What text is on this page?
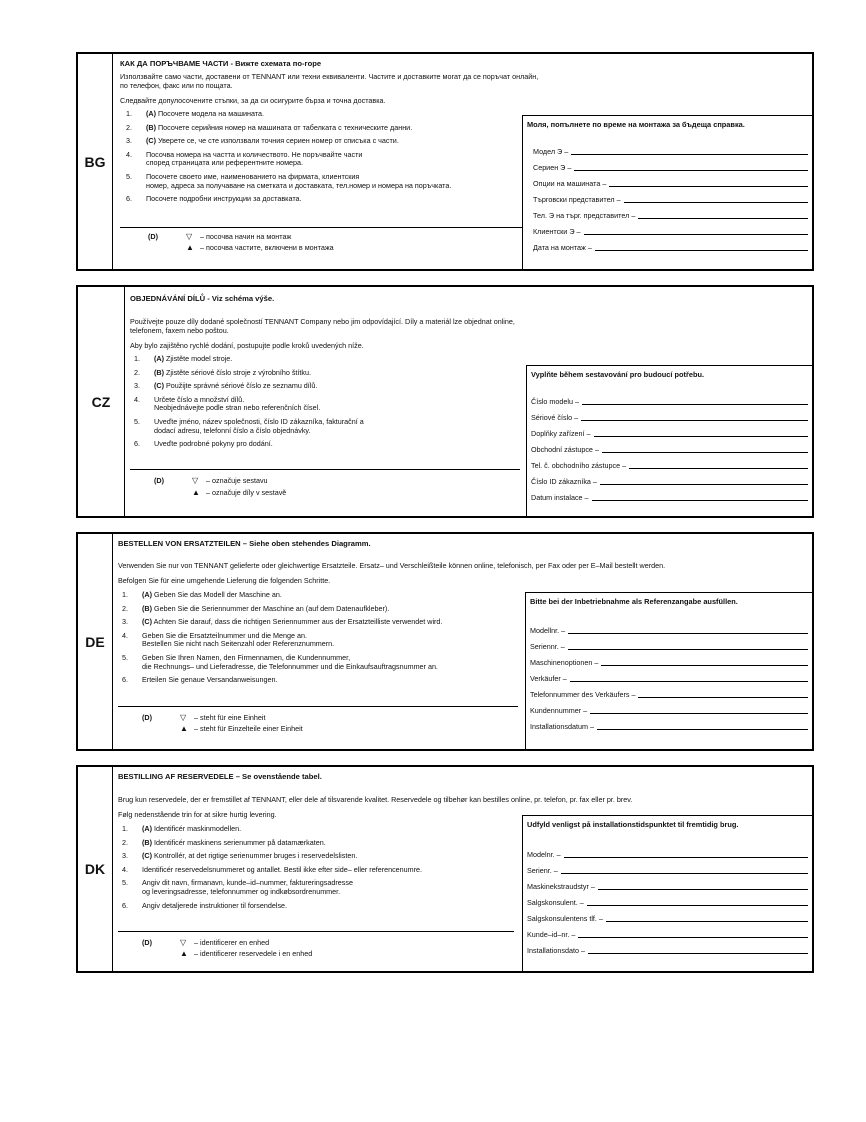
BG
КАК ДА ПОРЪЧВАМЕ ЧАСТИ - Вижте схемата по-горе
Използвайте само части, доставени от TENNANT или техни еквиваленти. Частите и доставките могат да се поръчат онлайн,
по телефон, факс или по пощата.
Следвайте допулосочените стъпки, за да си осигурите бърза и точна доставка.
1. (A) Посочете модела на машината.
2. (B) Посочете серийния номер на машината от табелката с техническите данни.
3. (C) Уверете се, че сте използвали точния сериен номер от списъка с части.
4. Посочва номера на частта и количеството. Не поръчвайте части
според страницата или референтните номера.
5. Посочете своето име, наименованието на фирмата, клиентския
номер, адреса за получаване на сметката и доставката, тел.номер и номера на поръчката.
6. Посочете подробни инструкции за доставката.
(D)	▽ – посочва начин на монтаж
▲ – посочва частите, включени в монтажа
Моля, попълнете по време на монтажа за бъдеща справка.
Модел Э –
Сериен Э –
Опции на машината –
Търговски представител –
Тел. Э на търг. представител –
Клиентски Э –
Дата на монтаж –
CZ
OBJEDNÁVÁNÍ DÍLŮ - Viz schéma výše.
Používejte pouze díly dodané společností TENNANT Company nebo jim odpovídající. Díly a materiál lze objednat online,
telefonem, faxem nebo poštou.
Aby bylo zajištěno rychlé dodání, postupujte podle kroků uvedených níže.
1. (A) Zjistěte model stroje.
2. (B) Zjistěte sériové číslo stroje z výrobního štítku.
3. (C) Použijte správné sériové číslo ze seznamu dílů.
4. Určete číslo a množství dílů.
Neobjednávejte podle stran nebo referenčních čísel.
5. Uveďte jméno, název společnosti, číslo ID zákazníka, fakturační a
dodací adresu, telefonní číslo a číslo objednávky.
6. Uveďte podrobné pokyny pro dodání.
(D)	▽ – označuje sestavu
▲ – označuje díly v sestavě
Vyplňte během sestavování pro budoucí potřebu.
Číslo modelu –
Sériové číslo –
Doplňky zařízení –
Obchodní zástupce –
Tel. č. obchodního zástupce –
Číslo ID zákazníka –
Datum instalace –
DE
BESTELLEN VON ERSATZTEILEN – Siehe oben stehendes Diagramm.
Verwenden Sie nur von TENNANT gelieferte oder gleichwertige Ersatzteile. Ersatz– und Verschleißteile können online, telefonisch, per Fax oder per E–Mail bestellt werden.
Befolgen Sie für eine umgehende Lieferung die folgenden Schritte.
1. (A) Geben Sie das Modell der Maschine an.
2. (B) Geben Sie die Seriennummer der Maschine an (auf dem Datenaufkleber).
3. (C) Achten Sie darauf, dass die richtigen Seriennummer aus der Ersatzteilliste verwendet wird.
4. Geben Sie die Ersatzteilnummer und die Menge an.
Bestellen Sie nicht nach Seitenzahl oder Referenznummern.
5. Geben Sie Ihren Namen, den Firmennamen, die Kundennummer,
die Rechnungs– und Lieferadresse, die Telefonnummer und die Einkaufsauftragsnummer an.
6. Erteilen Sie genaue Versandanweisungen.
(D)	▽ – steht für eine Einheit
▲ – steht für Einzelteile einer Einheit
Bitte bei der Inbetriebnahme als Referenzangabe ausfüllen.
Modellnr. –
Seriennr. –
Maschinenoptionen –
Verkäufer –
Telefonnummer des Verkäufers –
Kundennummer –
Installationsdatum –
DK
BESTILLING AF RESERVEDELE – Se ovenstående tabel.
Brug kun reservedele, der er fremstillet af TENNANT, eller dele af tilsvarende kvalitet. Reservedele og tilbehør kan bestilles online, pr. telefon, pr. fax eller pr. brev.
Følg nedenstående trin for at sikre hurtig levering.
1. (A) Identificér maskinmodellen.
2. (B) Identificér maskinens serienummer på datamærkaten.
3. (C) Kontrollér, at det rigtige serienummer bruges i reservedelslisten.
4. Identificér reservedelsnummeret og antallet. Bestil ikke efter side– eller referencenumre.
5. Angiv dit navn, firmanavn, kunde–id–nummer, faktureringsadresse
og leveringsadresse, telefonnummer og indkøbsordrenummer.
6. Angiv detaljerede instruktioner til forsendelse.
(D)	▽ – identificerer en enhed
▲ – identificerer reservedele i en enhed
Udfyld venligst på installationstidspunktet til fremtidig brug.
Modelnr. –
Serienr. –
Maskinekstraudstyr –
Salgskonsulent. –
Salgskonsulentens tlf. –
Kunde–id–nr. –
Installationsdato –
